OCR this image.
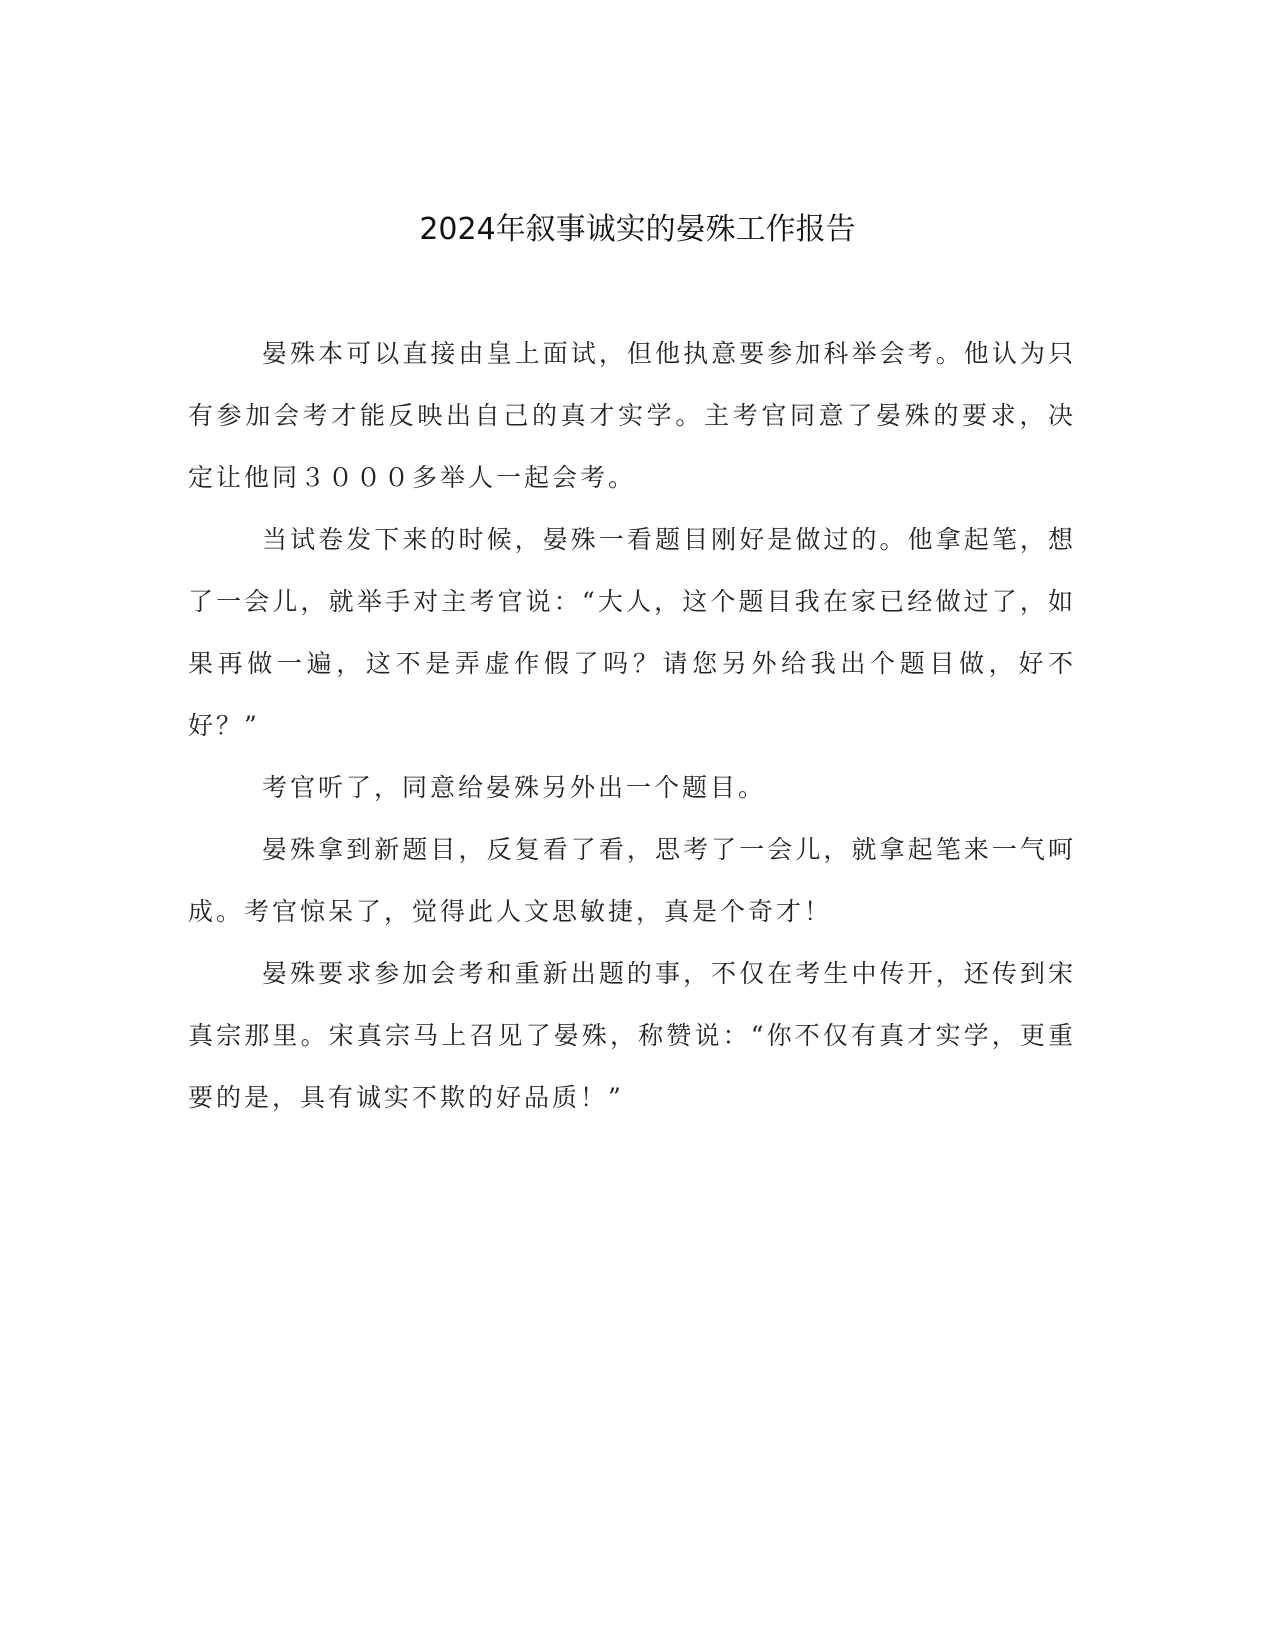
2024年叙事诚实的晏殊工作报告

晏殊本可以直接由皇上面试，但他执意要参加科举会考。他认为只有参加会考才能反映出自己的真才实学。主考官同意了晏殊的要求，决定让他同３０００多举人一起会考。

当试卷发下来的时候，晏殊一看题目刚好是做过的。他拿起笔，想了一会儿，就举手对主考官说：“大人，这个题目我在家已经做过了，如果再做一遍，这不是弄虚作假了吗？请您另外给我出个题目做，好不好？”

考官听了，同意给晏殊另外出一个题目。

晏殊拿到新题目，反复看了看，思考了一会儿，就拿起笔来一气呵成。考官惊呆了，觉得此人文思敏捷，真是个奇才！

晏殊要求参加会考和重新出题的事，不仅在考生中传开，还传到宋真宗那里。宋真宗马上召见了晏殊，称赞说：“你不仅有真才实学，更重要的是，具有诚实不欺的好品质！”
